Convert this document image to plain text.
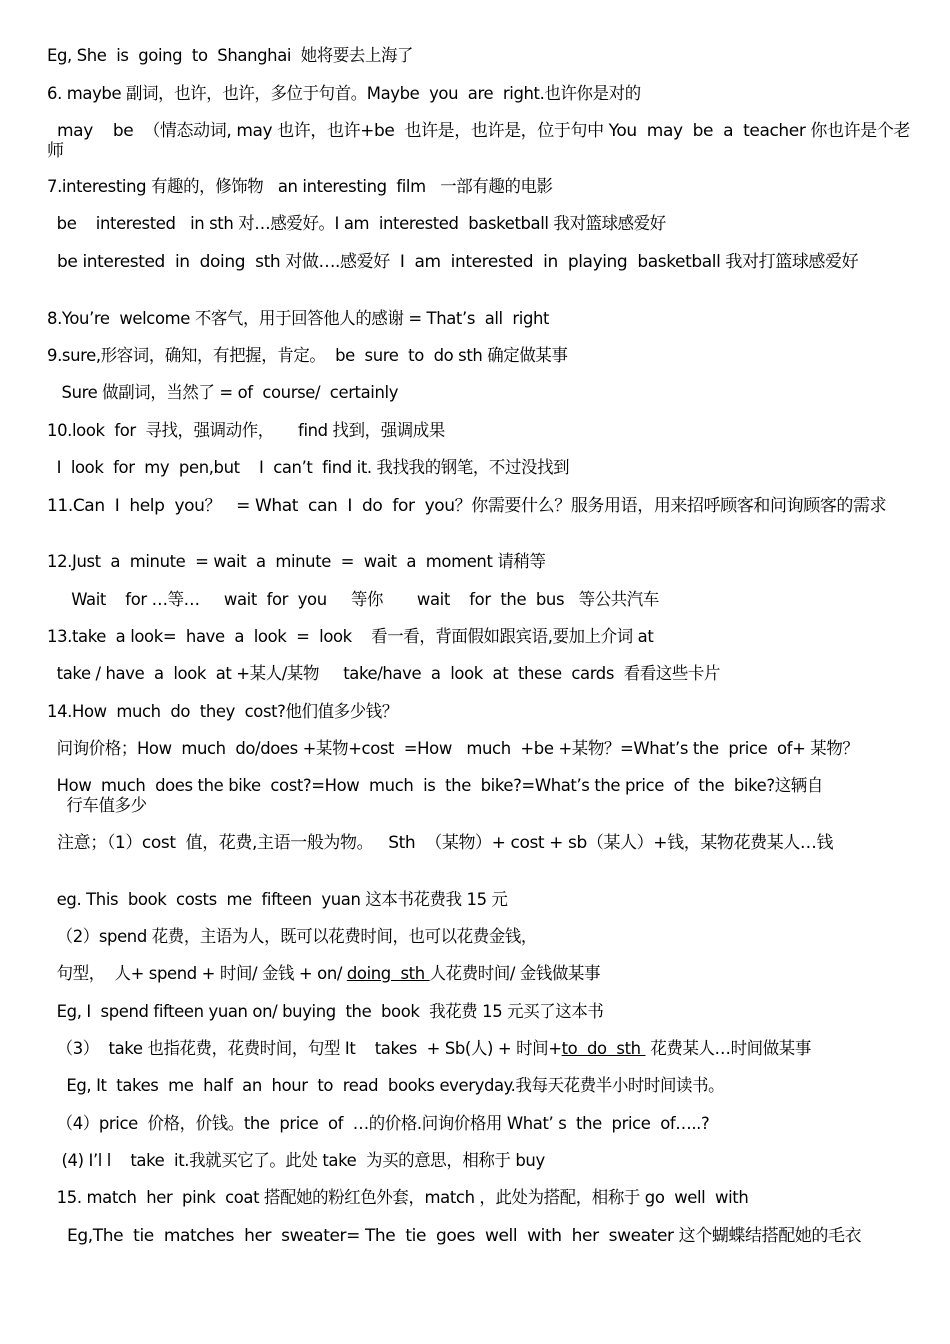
Eg, She  is  going  to  Shanghai  她将要去上海了
6. maybe 副词，也许，也许，多位于句首。Maybe  you  are  right.也许你是对的
may    be  （情态动词, may 也许，也许+be  也许是，也许是，位于句中 You  may  be  a  teacher 你也许是个老师
7.interesting 有趣的，修饰物   an interesting  film   一部有趣的电影
be    interested   in sth 对…感爱好。I am  interested  basketball 我对篮球感爱好
be interested  in  doing  sth 对做….感爱好  I  am  interested  in  playing  basketball 我对打篮球感爱好
8.You’re  welcome 不客气，用于回答他人的感谢 = That’s  all  right
9.sure,形容词，确知，有把握，肯定。  be  sure  to  do sth 确定做某事
Sure 做副词，当然了 = of  course/  certainly
10.look  for  寻找，强调动作，     find 找到，强调成果
I  look  for  my  pen,but    I  can’t  find it. 我找我的钢笔，不过没找到
11.Can  I  help  you？   = What  can  I  do  for  you？你需要什么？服务用语，用来招呼顾客和问询顾客的需求
12.Just  a  minute  = wait  a  minute  =  wait  a  moment 请稍等
Wait    for …等…     wait  for  you     等你       wait    for  the  bus   等公共汽车
13.take  a look=  have  a  look  =  look    看一看，背面假如跟宾语,要加上介词 at
take / have  a  look  at +某人/某物     take/have  a  look  at  these  cards  看看这些卡片
14.How  much  do  they  cost?他们值多少钱？
问询价格；How  much  do/does +某物+cost  =How   much  +be +某物？=What’s the  price  of+ 某物？
How  much  does the bike  cost?=How  much  is  the  bike?=What’s the price  of  the  bike?这辆自
行车值多少
注意；（1）cost  值，花费,主语一般为物。   Sth  （某物）+ cost + sb（某人）+钱，某物花费某人…钱
eg. This  book  costs  me  fifteen  yuan 这本书花费我 15 元
（2）spend 花费，主语为人，既可以花费时间，也可以花费金钱，
句型，  人+ spend + 时间/ 金钱 + on/ doing  sth 人花费时间/ 金钱做某事
Eg, I  spend fifteen yuan on/ buying  the  book  我花费 15 元买了这本书
（3）  take 也指花费，花费时间，句型 It    takes  + Sb(人) + 时间+to  do  sth  花费某人…时间做某事
Eg, It  takes  me  half  an  hour  to  read  books everyday.我每天花费半小时时间读书。
（4）price  价格，价钱。the  price  of  …的价格.问询价格用 What’ s  the  price  of…..?
(4) I’l l    take  it.我就买它了。此处 take  为买的意思，相称于 buy
15. match  her  pink  coat 搭配她的粉红色外套，match ，此处为搭配，相称于 go  well  with
Eg,The  tie  matches  her  sweater= The  tie  goes  well  with  her  sweater 这个蝴蝶结搭配她的毛衣
